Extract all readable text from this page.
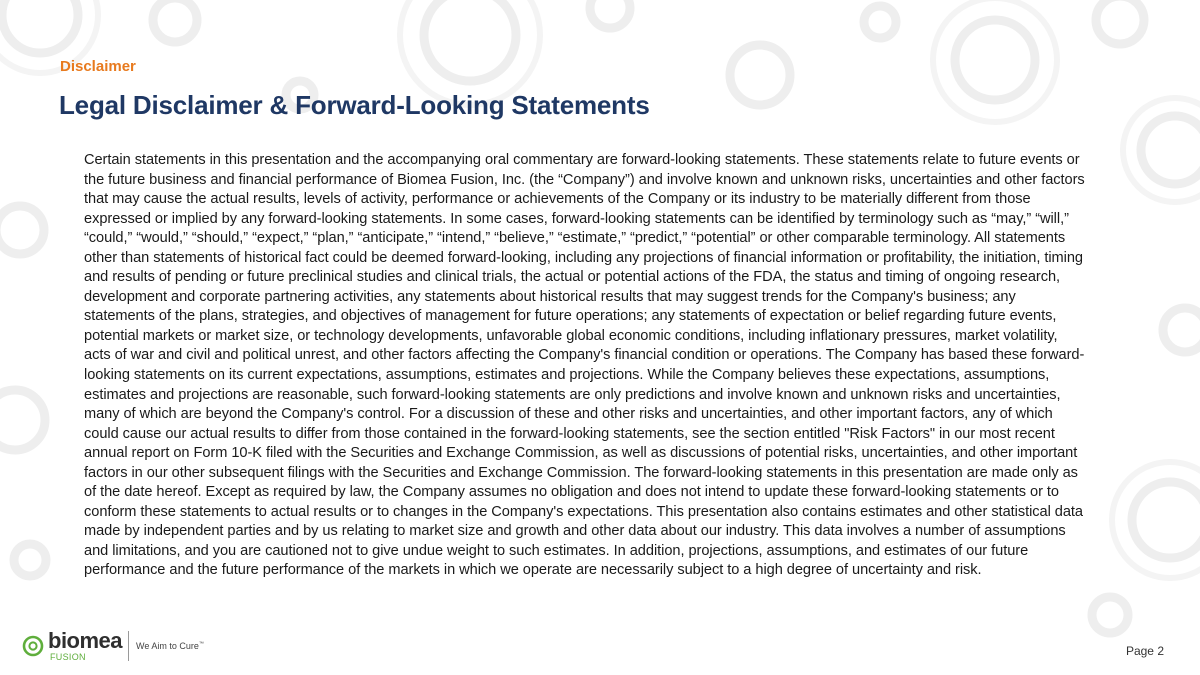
Disclaimer
Legal Disclaimer & Forward-Looking Statements

Certain statements in this presentation and the accompanying oral commentary are forward-looking statements. These statements relate to future events or the future business and financial performance of Biomea Fusion, Inc. (the “Company”) and involve known and unknown risks, uncertainties and other factors that may cause the actual results, levels of activity, performance or achievements of the Company or its industry to be materially different from those expressed or implied by any forward-looking statements. In some cases, forward-looking statements can be identified by terminology such as “may,” “will,” “could,” “would,” “should,” “expect,” “plan,” “anticipate,” “intend,” “believe,” “estimate,” “predict,” “potential” or other comparable terminology. All statements other than statements of historical fact could be deemed forward-looking, including any projections of financial information or profitability, the initiation, timing and results of pending or future preclinical studies and clinical trials, the actual or potential actions of the FDA, the status and timing of ongoing research, development and corporate partnering activities, any statements about historical results that may suggest trends for the Company's business; any statements of the plans, strategies, and objectives of management for future operations; any statements of expectation or belief regarding future events, potential markets or market size, or technology developments, unfavorable global economic conditions, including inflationary pressures, market volatility, acts of war and civil and political unrest, and other factors affecting the Company's financial condition or operations. The Company has based these forward-looking statements on its current expectations, assumptions, estimates and projections. While the Company believes these expectations, assumptions, estimates and projections are reasonable, such forward-looking statements are only predictions and involve known and unknown risks and uncertainties, many of which are beyond the Company's control. For a discussion of these and other risks and uncertainties, and other important factors, any of which could cause our actual results to differ from those contained in the forward-looking statements, see the section entitled "Risk Factors" in our most recent annual report on Form 10-K filed with the Securities and Exchange Commission, as well as discussions of potential risks, uncertainties, and other important factors in our other subsequent filings with the Securities and Exchange Commission. The forward-looking statements in this presentation are made only as of the date hereof. Except as required by law, the Company assumes no obligation and does not intend to update these forward-looking statements or to conform these statements to actual results or to changes in the Company's expectations. This presentation also contains estimates and other statistical data made by independent parties and by us relating to market size and growth and other data about our industry. This data involves a number of assumptions and limitations, and you are cautioned not to give undue weight to such estimates. In addition, projections, assumptions, and estimates of our future performance and the future performance of the markets in which we operate are necessarily subject to a high degree of uncertainty and risk.

biomea
FUSION
We Aim to Cure™	Page 2
